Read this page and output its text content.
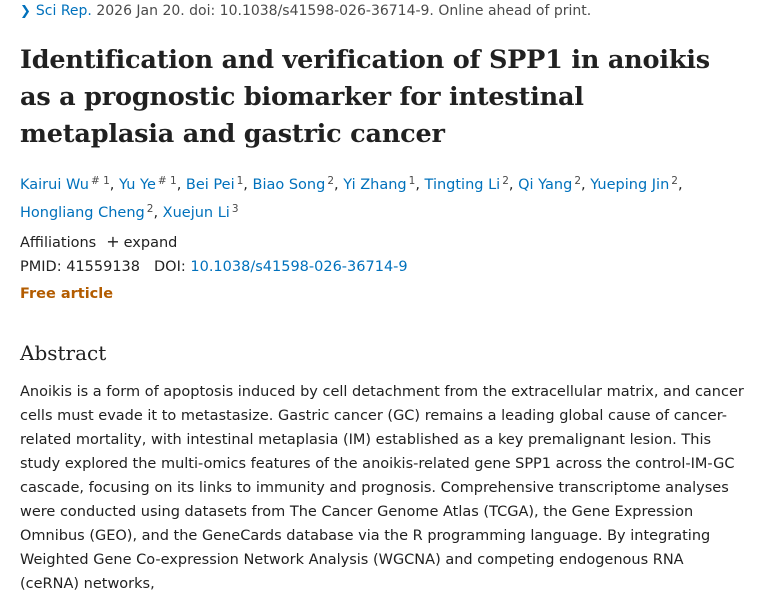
❯ Sci Rep. 2026 Jan 20. doi: 10.1038/s41598-026-36714-9. Online ahead of print.
Identification and verification of SPP1 in anoikis as a prognostic biomarker for intestinal metaplasia and gastric cancer
Kairui Wu $^{\# 1}$, Yu Ye $^{\# 1}$, Bei Pei $^1$, Biao Song $^2$, Yi Zhang $^1$, Tingting Li $^2$, Qi Yang $^2$, Yueping Jin $^2$, Hongliang Cheng $^2$, Xuejun Li $^3$
Affiliations + expand
PMID: 41559138 DOI: 10.1038/s41598-026-36714-9
Free article
Abstract

Anoikis is a form of apoptosis induced by cell detachment from the extracellular matrix, and cancer cells must evade it to metastasize. Gastric cancer (GC) remains a leading global cause of cancer-related mortality, with intestinal metaplasia (IM) established as a key premalignant lesion. This study explored the multi-omics features of the anoikis-related gene SPP1 across the control-IM-GC cascade, focusing on its links to immunity and prognosis. Comprehensive transcriptome analyses were conducted using datasets from The Cancer Genome Atlas (TCGA), the Gene Expression Omnibus (GEO), and the GeneCards database via the R programming language. By integrating Weighted Gene Co-expression Network Analysis (WGCNA) and competing endogenous RNA (ceRNA) networks,
